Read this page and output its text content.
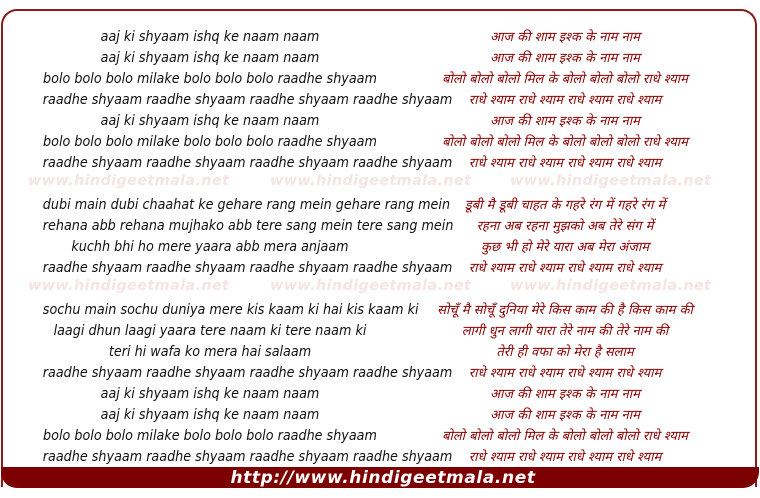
www.hindigeetmala.net	www.hindigeetmala.net	www.hindigeetmala.net
www.hindigeetmala.net	www.hindigeetmala.net	www.hindigeetmala.net
aaj ki shyaam ishq ke naam naam
aaj ki shyaam ishq ke naam naam
bolo bolo bolo milake bolo bolo bolo raadhe shyaam
raadhe shyaam raadhe shyaam raadhe shyaam raadhe shyaam
aaj ki shyaam ishq ke naam naam
bolo bolo bolo milake bolo bolo bolo raadhe shyaam
raadhe shyaam raadhe shyaam raadhe shyaam raadhe shyaam
dubi main dubi chaahat ke gehare rang mein gehare rang mein
rehana abb rehana mujhako abb tere sang mein tere sang mein
kuchh bhi ho mere yaara abb mera anjaam
raadhe shyaam raadhe shyaam raadhe shyaam raadhe shyaam
sochu main sochu duniya mere kis kaam ki hai kis kaam ki
laagi dhun laagi yaara tere naam ki tere naam ki
teri hi wafa ko mera hai salaam
raadhe shyaam raadhe shyaam raadhe shyaam raadhe shyaam
aaj ki shyaam ishq ke naam naam
aaj ki shyaam ishq ke naam naam
bolo bolo bolo milake bolo bolo bolo raadhe shyaam
raadhe shyaam raadhe shyaam raadhe shyaam raadhe shyaam
आज की शाम इश्क के नाम नाम
आज की शाम इश्क के नाम नाम
बोलो बोलो बोलो मिल के बोलो बोलो बोलो राधे श्याम
राधे श्याम राधे श्याम राधे श्याम राधे श्याम
आज की शाम इश्क के नाम नाम
बोलो बोलो बोलो मिल के बोलो बोलो बोलो राधे श्याम
राधे श्याम राधे श्याम राधे श्याम राधे श्याम
डूबी मै डूबी चाहत के गहरे रंग में गहरे रंग में
रहना अब रहना मुझको अब तेरे संग में
कुछ भी हो मेरे यारा अब मेरा अंजाम
राधे श्याम राधे श्याम राधे श्याम राधे श्याम
सोचूँ मै सोचूँ दुनिया मेरे किस काम की है किस काम की
लागी धुन लागी यारा तेरे नाम की तेरे नाम की
तेरी ही वफा को मेरा है सलाम
राधे श्याम राधे श्याम राधे श्याम राधे श्याम
आज की शाम इश्क के नाम नाम
आज की शाम इश्क के नाम नाम
बोलो बोलो बोलो मिल के बोलो बोलो बोलो राधे श्याम
राधे श्याम राधे श्याम राधे श्याम राधे श्याम
http://www.hindigeetmala.net
